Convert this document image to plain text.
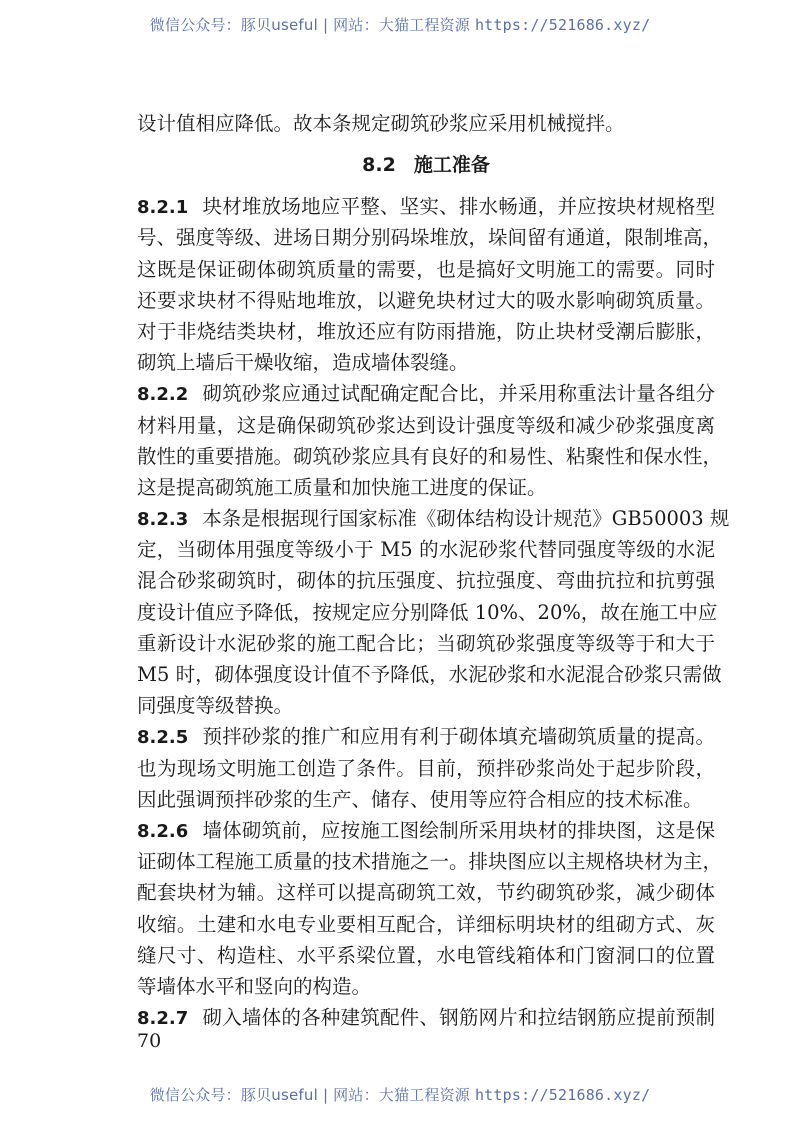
微信公众号：豚贝useful | 网站：大猫工程资源 https://521686.xyz/
设计值相应降低。故本条规定砌筑砂浆应采用机械搅拌。
8.2 施工准备
8.2.1 块材堆放场地应平整、坚实、排水畅通，并应按块材规格型
号、强度等级、进场日期分别码垛堆放，垛间留有通道，限制堆高，
这既是保证砌体砌筑质量的需要，也是搞好文明施工的需要。同时
还要求块材不得贴地堆放，以避免块材过大的吸水影响砌筑质量。
对于非烧结类块材，堆放还应有防雨措施，防止块材受潮后膨胀，
砌筑上墙后干燥收缩，造成墙体裂缝。
8.2.2 砌筑砂浆应通过试配确定配合比，并采用称重法计量各组分
材料用量，这是确保砌筑砂浆达到设计强度等级和减少砂浆强度离
散性的重要措施。砌筑砂浆应具有良好的和易性、粘聚性和保水性，
这是提高砌筑施工质量和加快施工进度的保证。
8.2.3 本条是根据现行国家标准《砌体结构设计规范》GB50003 规
定，当砌体用强度等级小于 M5 的水泥砂浆代替同强度等级的水泥
混合砂浆砌筑时，砌体的抗压强度、抗拉强度、弯曲抗拉和抗剪强
度设计值应予降低，按规定应分别降低 10%、20%，故在施工中应
重新设计水泥砂浆的施工配合比；当砌筑砂浆强度等级等于和大于
M5 时，砌体强度设计值不予降低，水泥砂浆和水泥混合砂浆只需做
同强度等级替换。
8.2.5 预拌砂浆的推广和应用有利于砌体填充墙砌筑质量的提高。
也为现场文明施工创造了条件。目前，预拌砂浆尚处于起步阶段，
因此强调预拌砂浆的生产、储存、使用等应符合相应的技术标准。
8.2.6 墙体砌筑前，应按施工图绘制所采用块材的排块图，这是保
证砌体工程施工质量的技术措施之一。排块图应以主规格块材为主，
配套块材为辅。这样可以提高砌筑工效，节约砌筑砂浆，减少砌体
收缩。土建和水电专业要相互配合，详细标明块材的组砌方式、灰
缝尺寸、构造柱、水平系梁位置，水电管线箱体和门窗洞口的位置
等墙体水平和竖向的构造。
8.2.7 砌入墙体的各种建筑配件、钢筋网片和拉结钢筋应提前预制
70
微信公众号：豚贝useful | 网站：大猫工程资源 https://521686.xyz/
